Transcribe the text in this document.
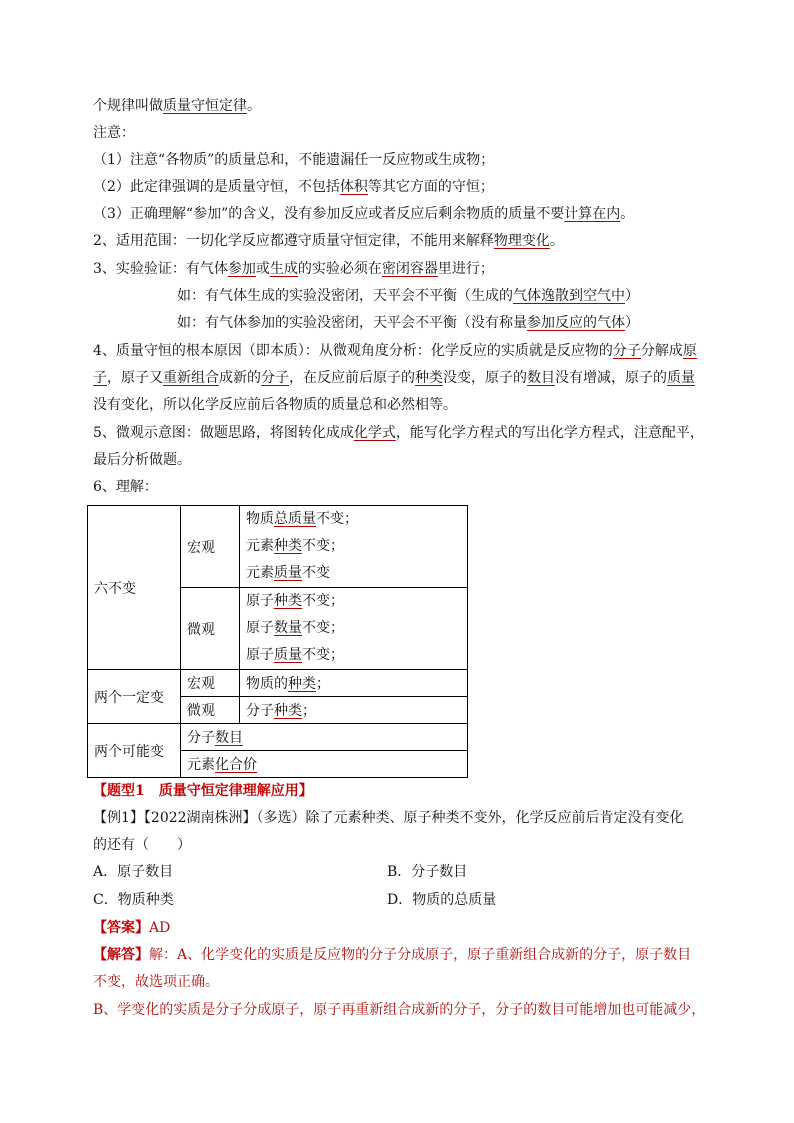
个规律叫做质量守恒定律。
注意：
（1）注意“各物质”的质量总和，不能遗漏任一反应物或生成物；
（2）此定律强调的是质量守恒，不包括体积等其它方面的守恒；
（3）正确理解“参加”的含义，没有参加反应或者反应后剩余物质的质量不要计算在内。
2、适用范围：一切化学反应都遵守质量守恒定律，不能用来解释物理变化。
3、实验验证：有气体参加或生成的实验必须在密闭容器里进行；
如：有气体生成的实验没密闭，天平会不平衡（生成的气体逸散到空气中）
如：有气体参加的实验没密闭，天平会不平衡（没有称量参加反应的气体）
4、质量守恒的根本原因（即本质）：从微观角度分析：化学反应的实质就是反应物的分子分解成原
子，原子又重新组合成新的分子，在反应前后原子的种类没变，原子的数目没有增减，原子的质量
没有变化，所以化学反应前后各物质的质量总和必然相等。
5、微观示意图：做题思路，将图转化成成化学式，能写化学方程式的写出化学方程式，注意配平，
最后分析做题。
6、理解：
六不变	宏观	物质总质量不变；
元素种类不变；
元素质量不变

	微观	原子种类不变；
原子数量不变；
原子质量不变；

两个一定变	宏观	物质的种类；
	微观	分子种类；
两个可能变	分子数目	
	元素化合价	
【题型1　质量守恒定律理解应用】
【例1】【2022湖南株洲】（多选）除了元素种类、原子种类不变外，化学反应前后肯定没有变化
的还有（　　）
A．原子数目	B．分子数目
C．物质种类	D．物质的总质量
【答案】AD
【解答】解：A、化学变化的实质是反应物的分子分成原子，原子重新组合成新的分子，原子数目
不变，故选项正确。
B、学变化的实质是分子分成原子，原子再重新组合成新的分子，分子的数目可能增加也可能减少，
